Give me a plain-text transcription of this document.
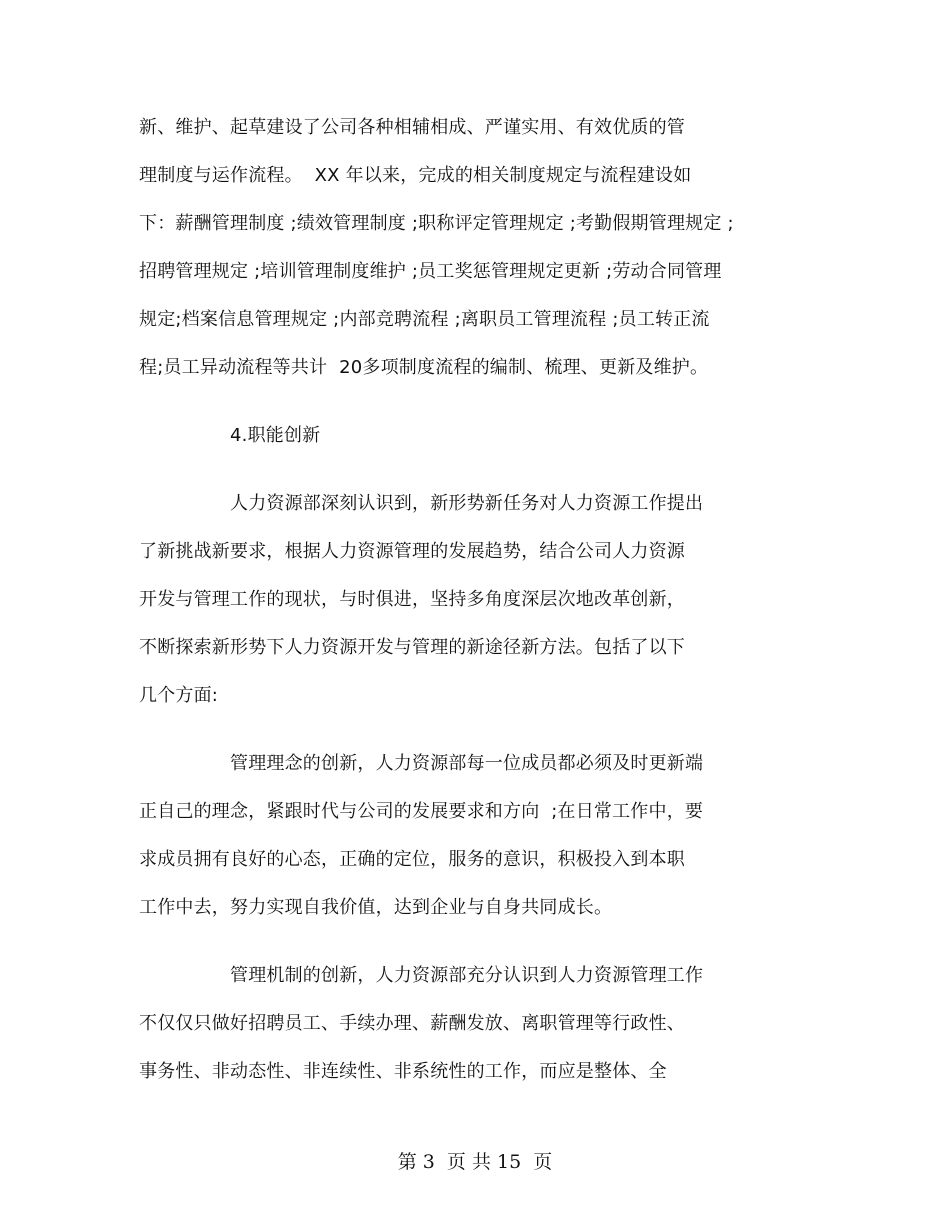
新、维护、起草建设了公司各种相辅相成、严谨实用、有效优质的管
理制度与运作流程。  XX 年以来，完成的相关制度规定与流程建设如
下：薪酬管理制度 ;绩效管理制度 ;职称评定管理规定 ;考勤假期管理规定 ;
招聘管理规定 ;培训管理制度维护 ;员工奖惩管理规定更新 ;劳动合同管理
规定;档案信息管理规定 ;内部竞聘流程 ;离职员工管理流程 ;员工转正流
程;员工异动流程等共计  20多项制度流程的编制、梳理、更新及维护。
4.职能创新
人力资源部深刻认识到，新形势新任务对人力资源工作提出
了新挑战新要求，根据人力资源管理的发展趋势，结合公司人力资源
开发与管理工作的现状，与时俱进，坚持多角度深层次地改革创新，
不断探索新形势下人力资源开发与管理的新途径新方法。包括了以下
几个方面:
管理理念的创新，人力资源部每一位成员都必须及时更新端
正自己的理念，紧跟时代与公司的发展要求和方向  ;在日常工作中，要
求成员拥有良好的心态，正确的定位，服务的意识，积极投入到本职
工作中去，努力实现自我价值，达到企业与自身共同成长。
管理机制的创新，人力资源部充分认识到人力资源管理工作
不仅仅只做好招聘员工、手续办理、薪酬发放、离职管理等行政性、
事务性、非动态性、非连续性、非系统性的工作，而应是整体、全
第 3  页 共 15  页
